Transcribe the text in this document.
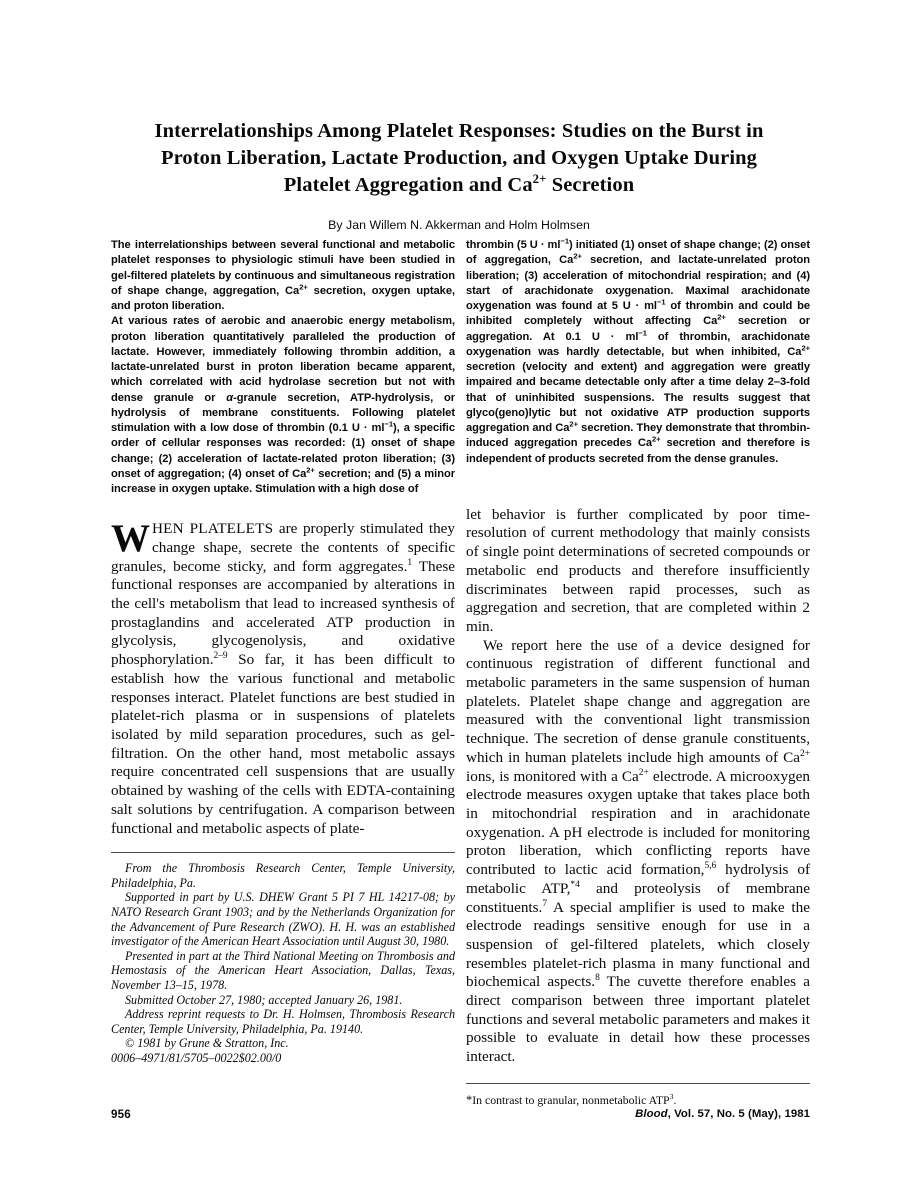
Interrelationships Among Platelet Responses: Studies on the Burst in
Proton Liberation, Lactate Production, and Oxygen Uptake During
Platelet Aggregation and $Ca^{2+}$ Secretion

By Jan Willem N. Akkerman and Holm Holmsen

The interrelationships between several functional and metabolic platelet responses to physiologic stimuli have been studied in gel-filtered platelets by continuous and simultaneous registration of shape change, aggregation, $Ca^{2+}$ secretion, oxygen uptake, and proton liberation.

At various rates of aerobic and anaerobic energy metabolism, proton liberation quantitatively paralleled the production of lactate. However, immediately following thrombin addition, a lactate-unrelated burst in proton liberation became apparent, which correlated with acid hydrolase secretion but not with dense granule or α-granule secretion, ATP-hydrolysis, or hydrolysis of membrane constituents. Following platelet stimulation with a low dose of thrombin (0.1 $U \cdot ml^{-1}$), a specific order of cellular responses was recorded: (1) onset of shape change; (2) acceleration of lactate-related proton liberation; (3) onset of aggregation; (4) onset of $Ca^{2+}$ secretion; and (5) a minor increase in oxygen uptake. Stimulation with a high dose of

WHEN PLATELETS are properly stimulated they change shape, secrete the contents of specific granules, become sticky, and form aggregates.$^1$ These functional responses are accompanied by alterations in the cell's metabolism that lead to increased synthesis of prostaglandins and accelerated ATP production in glycolysis, glycogenolysis, and oxidative phosphorylation.$^{2-9}$ So far, it has been difficult to establish how the various functional and metabolic responses interact. Platelet functions are best studied in platelet-rich plasma or in suspensions of platelets isolated by mild separation procedures, such as gel-filtration. On the other hand, most metabolic assays require concentrated cell suspensions that are usually obtained by washing of the cells with EDTA-containing salt solutions by centrifugation. A comparison between functional and metabolic aspects of plate-

From the Thrombosis Research Center, Temple University, Philadelphia, Pa.

Supported in part by U.S. DHEW Grant 5 PI 7 HL 14217-08; by NATO Research Grant 1903; and by the Netherlands Organization for the Advancement of Pure Research (ZWO). H. H. was an established investigator of the American Heart Association until August 30, 1980.

Presented in part at the Third National Meeting on Thrombosis and Hemostasis of the American Heart Association, Dallas, Texas, November 13–15, 1978.

Submitted October 27, 1980; accepted January 26, 1981.

Address reprint requests to Dr. H. Holmsen, Thrombosis Research Center, Temple University, Philadelphia, Pa. 19140.

© 1981 by Grune & Stratton, Inc.

0006–4971/81/5705–0022$02.00/0

thrombin (5 $U \cdot ml^{-1}$) initiated (1) onset of shape change; (2) onset of aggregation, $Ca^{2+}$ secretion, and lactate-unrelated proton liberation; (3) acceleration of mitochondrial respiration; and (4) start of arachidonate oxygenation. Maximal arachidonate oxygenation was found at 5 $U \cdot ml^{-1}$ of thrombin and could be inhibited completely without affecting $Ca^{2+}$ secretion or aggregation. At 0.1 $U \cdot ml^{-1}$ of thrombin, arachidonate oxygenation was hardly detectable, but when inhibited, $Ca^{2+}$ secretion (velocity and extent) and aggregation were greatly impaired and became detectable only after a time delay 2–3-fold that of uninhibited suspensions. The results suggest that glyco(geno)lytic but not oxidative ATP production supports aggregation and $Ca^{2+}$ secretion. They demonstrate that thrombin-induced aggregation precedes $Ca^{2+}$ secretion and therefore is independent of products secreted from the dense granules.

let behavior is further complicated by poor time-resolution of current methodology that mainly consists of single point determinations of secreted compounds or metabolic end products and therefore insufficiently discriminates between rapid processes, such as aggregation and secretion, that are completed within 2 min.

We report here the use of a device designed for continuous registration of different functional and metabolic parameters in the same suspension of human platelets. Platelet shape change and aggregation are measured with the conventional light transmission technique. The secretion of dense granule constituents, which in human platelets include high amounts of $Ca^{2+}$ ions, is monitored with a $Ca^{2+}$ electrode. A microoxygen electrode measures oxygen uptake that takes place both in mitochondrial respiration and in arachidonate oxygenation. A pH electrode is included for monitoring proton liberation, which conflicting reports have contributed to lactic acid formation,$^{5,6}$ hydrolysis of metabolic ATP,$^{*4}$ and proteolysis of membrane constituents.$^7$ A special amplifier is used to make the electrode readings sensitive enough for use in a suspension of gel-filtered platelets, which closely resembles platelet-rich plasma in many functional and biochemical aspects.$^8$ The cuvette therefore enables a direct comparison between three important platelet functions and several metabolic parameters and makes it possible to evaluate in detail how these processes interact.

*In contrast to granular, nonmetabolic ATP$^3$.

956	Blood, Vol. 57, No. 5 (May), 1981
